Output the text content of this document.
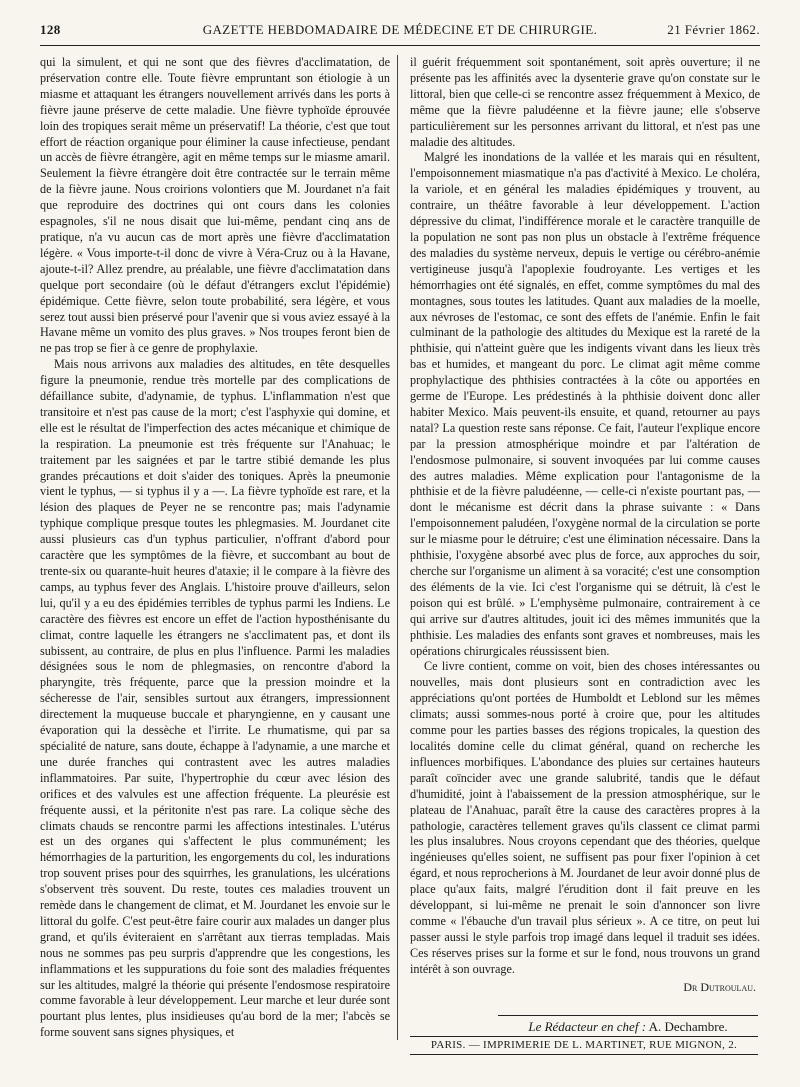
128	GAZETTE HEBDOMADAIRE DE MÉDECINE ET DE CHIRURGIE.	21 Février 1862.

qui la simulent, et qui ne sont que des fièvres d'acclimatation, de préservation contre elle. Toute fièvre empruntant son étiologie à un miasme et attaquant les étrangers nouvellement arrivés dans les ports à fièvre jaune préserve de cette maladie. Une fièvre typhoïde éprouvée loin des tropiques serait même un préservatif! La théorie, c'est que tout effort de réaction organique pour éliminer la cause infectieuse, pendant un accès de fièvre étrangère, agit en même temps sur le miasme amaril. Seulement la fièvre étrangère doit être contractée sur le terrain même de la fièvre jaune. Nous croirions volontiers que M. Jourdanet n'a fait que reproduire des doctrines qui ont cours dans les colonies espagnoles, s'il ne nous disait que lui-même, pendant cinq ans de pratique, n'a vu aucun cas de mort après une fièvre d'acclimatation légère. « Vous importe-t-il donc de vivre à Véra-Cruz ou à la Havane, ajoute-t-il? Allez prendre, au préalable, une fièvre d'acclimatation dans quelque port secondaire (où le défaut d'étrangers exclut l'épidémie) épidémique. Cette fièvre, selon toute probabilité, sera légère, et vous serez tout aussi bien préservé pour l'avenir que si vous aviez essayé à la Havane même un vomito des plus graves. » Nos troupes feront bien de ne pas trop se fier à ce genre de prophylaxie.

Mais nous arrivons aux maladies des altitudes, en tête desquelles figure la pneumonie, rendue très mortelle par des complications de défaillance subite, d'adynamie, de typhus. L'inflammation n'est que transitoire et n'est pas cause de la mort; c'est l'asphyxie qui domine, et elle est le résultat de l'imperfection des actes mécanique et chimique de la respiration. La pneumonie est très fréquente sur l'Anahuac; le traitement par les saignées et par le tartre stibié demande les plus grandes précautions et doit s'aider des toniques. Après la pneumonie vient le typhus, — si typhus il y a —. La fièvre typhoïde est rare, et la lésion des plaques de Peyer ne se rencontre pas; mais l'adynamie typhique complique presque toutes les phlegmasies. M. Jourdanet cite aussi plusieurs cas d'un typhus particulier, n'offrant d'abord pour caractère que les symptômes de la fièvre, et succombant au bout de trente-six ou quarante-huit heures d'ataxie; il le compare à la fièvre des camps, au typhus fever des Anglais. L'histoire prouve d'ailleurs, selon lui, qu'il y a eu des épidémies terribles de typhus parmi les Indiens. Le caractère des fièvres est encore un effet de l'action hyposthénisante du climat, contre laquelle les étrangers ne s'acclimatent pas, et dont ils subissent, au contraire, de plus en plus l'influence. Parmi les maladies désignées sous le nom de phlegmasies, on rencontre d'abord la pharyngite, très fréquente, parce que la pression moindre et la sécheresse de l'air, sensibles surtout aux étrangers, impressionnent directement la muqueuse buccale et pharyngienne, en y causant une évaporation qui la dessèche et l'irrite. Le rhumatisme, qui par sa spécialité de nature, sans doute, échappe à l'adynamie, a une marche et une durée franches qui contrastent avec les autres maladies inflammatoires. Par suite, l'hypertrophie du cœur avec lésion des orifices et des valvules est une affection fréquente. La pleurésie est fréquente aussi, et la péritonite n'est pas rare. La colique sèche des climats chauds se rencontre parmi les affections intestinales. L'utérus est un des organes qui s'affectent le plus communément; les hémorrhagies de la parturition, les engorgements du col, les indurations trop souvent prises pour des squirrhes, les granulations, les ulcérations s'observent très souvent. Du reste, toutes ces maladies trouvent un remède dans le changement de climat, et M. Jourdanet les envoie sur le littoral du golfe. C'est peut-être faire courir aux malades un danger plus grand, et qu'ils éviteraient en s'arrêtant aux tierras templadas. Mais nous ne sommes pas peu surpris d'apprendre que les congestions, les inflammations et les suppurations du foie sont des maladies fréquentes sur les altitudes, malgré la théorie qui présente l'endosmose respiratoire comme favorable à leur développement. Leur marche et leur durée sont pourtant plus lentes, plus insidieuses qu'au bord de la mer; l'abcès se forme souvent sans signes physiques, et

il guérit fréquemment soit spontanément, soit après ouverture; il ne présente pas les affinités avec la dysenterie grave qu'on constate sur le littoral, bien que celle-ci se rencontre assez fréquemment à Mexico, de même que la fièvre paludéenne et la fièvre jaune; elle s'observe particulièrement sur les personnes arrivant du littoral, et n'est pas une maladie des altitudes.

Malgré les inondations de la vallée et les marais qui en résultent, l'empoisonnement miasmatique n'a pas d'activité à Mexico. Le choléra, la variole, et en général les maladies épidémiques y trouvent, au contraire, un théâtre favorable à leur développement. L'action dépressive du climat, l'indifférence morale et le caractère tranquille de la population ne sont pas non plus un obstacle à l'extrême fréquence des maladies du système nerveux, depuis le vertige ou cérébro-anémie vertigineuse jusqu'à l'apoplexie foudroyante. Les vertiges et les hémorrhagies ont été signalés, en effet, comme symptômes du mal des montagnes, sous toutes les latitudes. Quant aux maladies de la moelle, aux névroses de l'estomac, ce sont des effets de l'anémie. Enfin le fait culminant de la pathologie des altitudes du Mexique est la rareté de la phthisie, qui n'atteint guère que les indigents vivant dans les lieux très bas et humides, et mangeant du porc. Le climat agit même comme prophylactique des phthisies contractées à la côte ou apportées en germe de l'Europe. Les prédestinés à la phthisie doivent donc aller habiter Mexico. Mais peuvent-ils ensuite, et quand, retourner au pays natal? La question reste sans réponse. Ce fait, l'auteur l'explique encore par la pression atmosphérique moindre et par l'altération de l'endosmose pulmonaire, si souvent invoquées par lui comme causes des autres maladies. Même explication pour l'antagonisme de la phthisie et de la fièvre paludéenne, — celle-ci n'existe pourtant pas, — dont le mécanisme est décrit dans la phrase suivante : « Dans l'empoisonnement paludéen, l'oxygène normal de la circulation se porte sur le miasme pour le détruire; c'est une élimination nécessaire. Dans la phthisie, l'oxygène absorbé avec plus de force, aux approches du soir, cherche sur l'organisme un aliment à sa voracité; c'est une consomption des éléments de la vie. Ici c'est l'organisme qui se détruit, là c'est le poison qui est brûlé. » L'emphysème pulmonaire, contrairement à ce qui arrive sur d'autres altitudes, jouit ici des mêmes immunités que la phthisie. Les maladies des enfants sont graves et nombreuses, mais les opérations chirurgicales réussissent bien.

Ce livre contient, comme on voit, bien des choses intéressantes ou nouvelles, mais dont plusieurs sont en contradiction avec les appréciations qu'ont portées de Humboldt et Leblond sur les mêmes climats; aussi sommes-nous porté à croire que, pour les altitudes comme pour les parties basses des régions tropicales, la question des localités domine celle du climat général, quand on recherche les influences morbifiques. L'abondance des pluies sur certaines hauteurs paraît coïncider avec une grande salubrité, tandis que le défaut d'humidité, joint à l'abaissement de la pression atmosphérique, sur le plateau de l'Anahuac, paraît être la cause des caractères propres à la pathologie, caractères tellement graves qu'ils classent ce climat parmi les plus insalubres. Nous croyons cependant que des théories, quelque ingénieuses qu'elles soient, ne suffisent pas pour fixer l'opinion à cet égard, et nous reprocherions à M. Jourdanet de leur avoir donné plus de place qu'aux faits, malgré l'érudition dont il fait preuve en les développant, si lui-même ne prenait le soin d'annoncer son livre comme « l'ébauche d'un travail plus sérieux ». A ce titre, on peut lui passer aussi le style parfois trop imagé dans lequel il traduit ses idées. Ces réserves prises sur la forme et sur le fond, nous trouvons un grand intérêt à son ouvrage.

Dr Dutroulau.
Le Rédacteur en chef : A. Dechambre.
PARIS. — IMPRIMERIE DE L. MARTINET, RUE MIGNON, 2.
